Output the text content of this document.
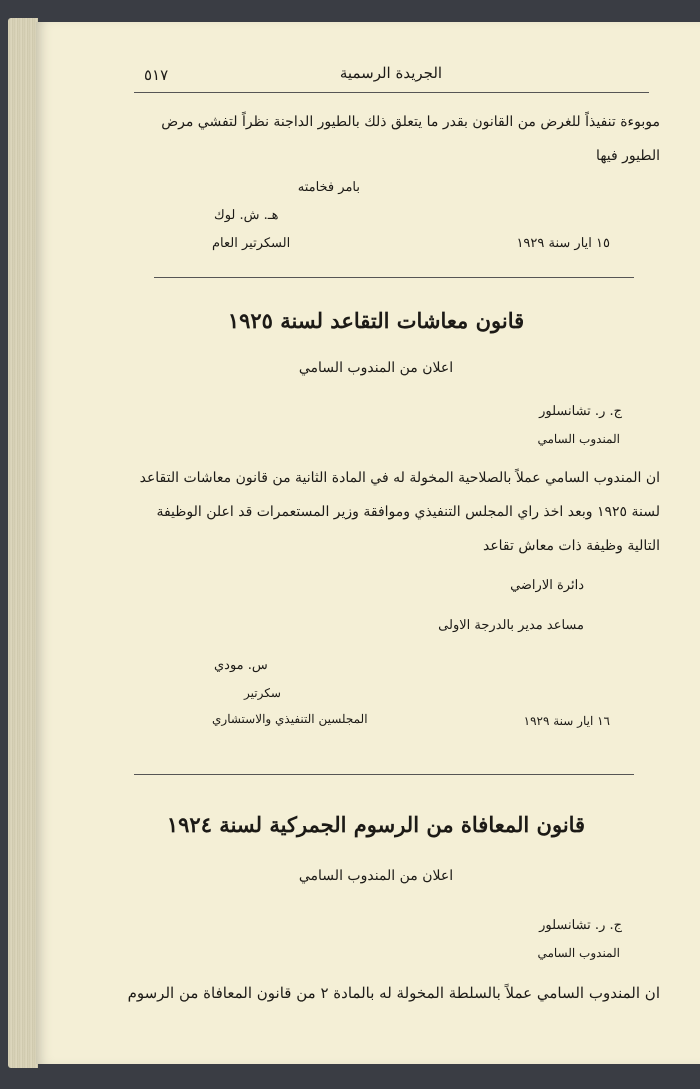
الجريدة الرسمية
٥١٧
موبوءة تنفيذاً للغرض من القانون بقدر ما يتعلق ذلك بالطيور الداجنة نظراً لتفشي مرض
الطيور فيها
بامر فخامته
هـ. ش. لوك
السكرتير العام	١٥ ايار سنة ١٩٢٩
قانون معاشات التقاعد لسنة ١٩٢٥
اعلان من المندوب السامي
ج. ر. تشانسلور
المندوب السامي
ان المندوب السامي عملاً بالصلاحية المخولة له في المادة الثانية من قانون معاشات التقاعد
لسنة ١٩٢٥ وبعد اخذ راي المجلس التنفيذي وموافقة وزير المستعمرات قد اعلن الوظيفة
التالية وظيفة ذات معاش تقاعد
دائرة الاراضي
مساعد مدير بالدرجة الاولى
س. مودي
سكرتير
المجلسين التنفيذي والاستشاري	١٦ ايار سنة ١٩٢٩
قانون المعافاة من الرسوم الجمركية لسنة ١٩٢٤
اعلان من المندوب السامي
ج. ر. تشانسلور
المندوب السامي
ان المندوب السامي عملاً بالسلطة المخولة له بالمادة ٢ من قانون المعافاة من الرسوم
